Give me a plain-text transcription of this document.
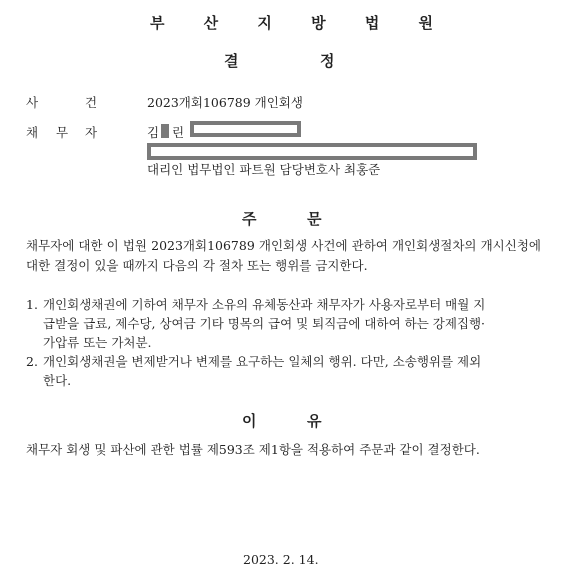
부 산 지 방 법 원
결	정
사	건	2023개회106789 개인회생
채 무 자	김 린
대리인 법무법인 파트원 담당변호사 최홍준
주	문
채무자에 대한 이 법원 2023개회106789 개인회생 사건에 관하여 개인회생절차의 개시신청에 대한 결정이 있을 때까지 다음의 각 절차 또는 행위를 금지한다.
1. 개인회생채권에 기하여 채무자 소유의 유체동산과 채무자가 사용자로부터 매월 지
급받을 급료, 제수당, 상여금 기타 명목의 급여 및 퇴직금에 대하여 하는 강제집행·
가압류 또는 가처분.
2. 개인회생채권을 변제받거나 변제를 요구하는 일체의 행위. 다만, 소송행위를 제외
한다.
이	유
채무자 회생 및 파산에 관한 법률 제593조 제1항을 적용하여 주문과 같이 결정한다.
2023. 2. 14.
